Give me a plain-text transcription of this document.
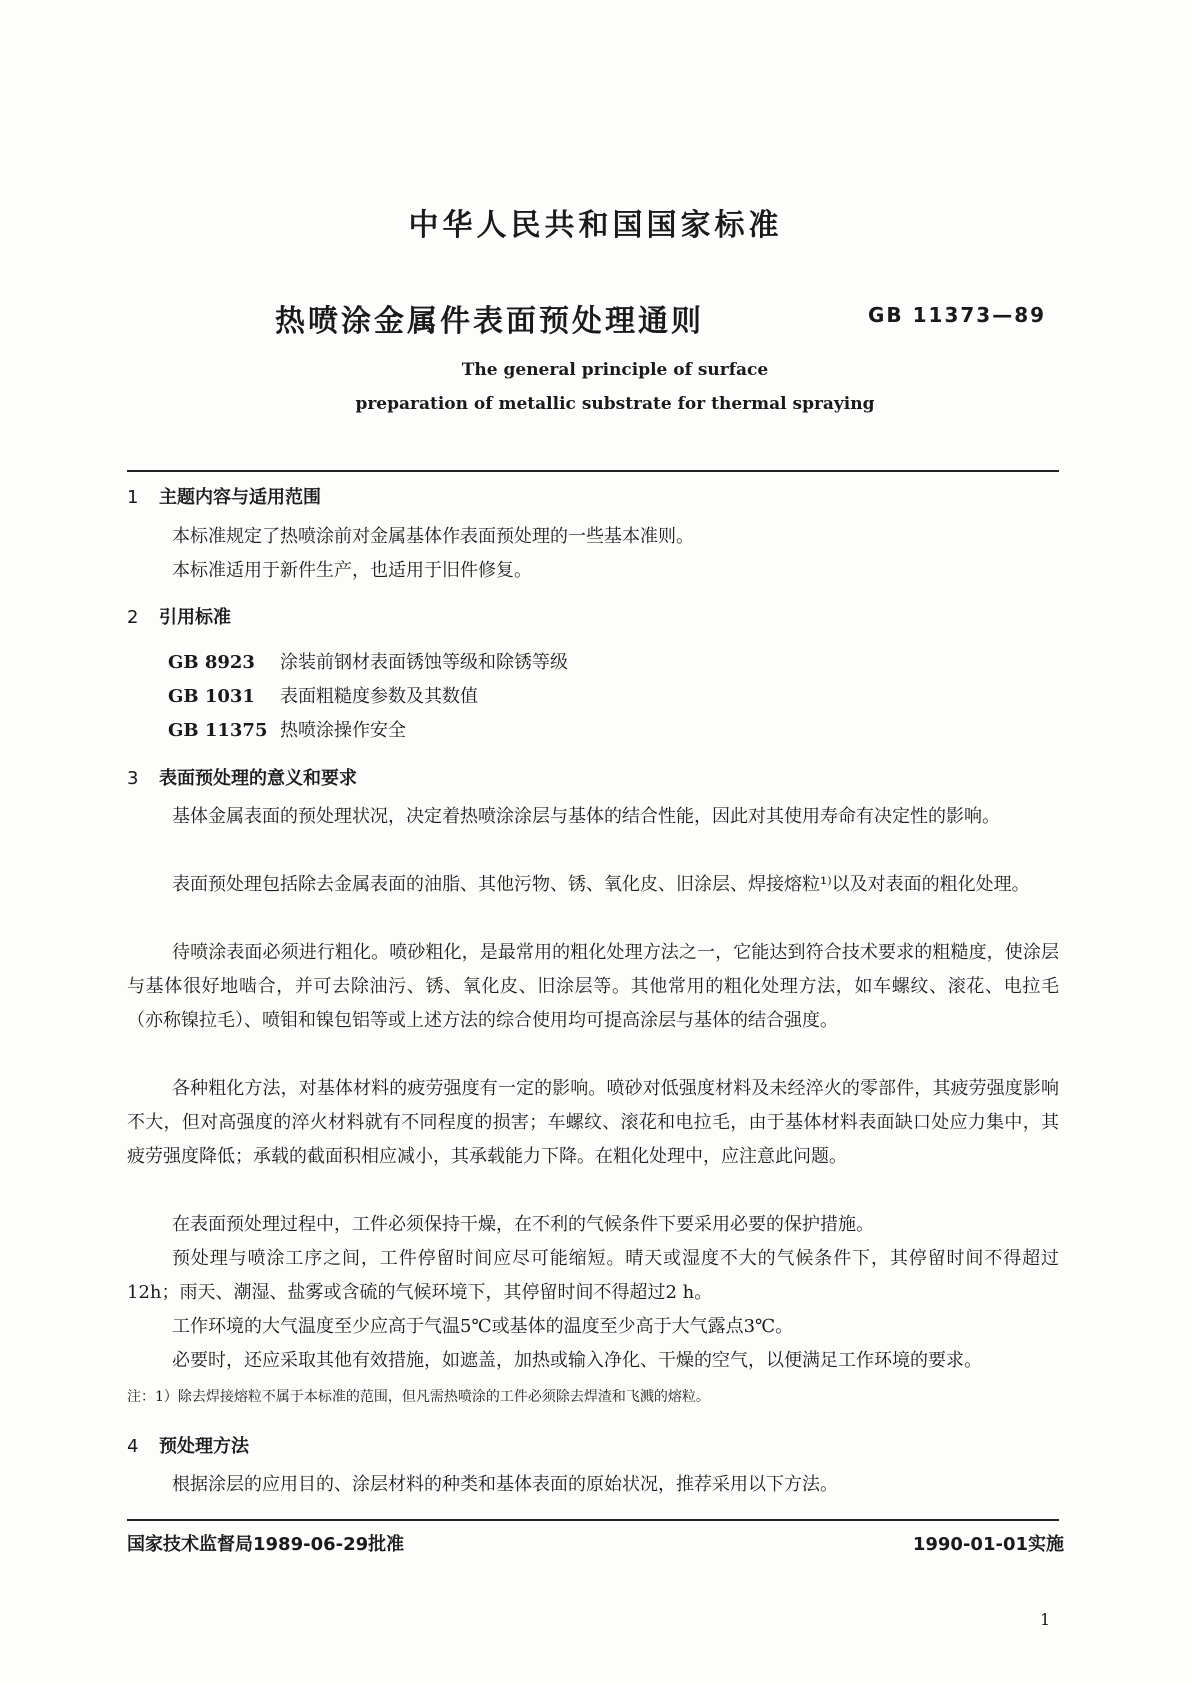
中华人民共和国国家标准
热喷涂金属件表面预处理通则	GB 11373—89
The general principle of surface
preparation of metallic substrate for thermal spraying
1 主题内容与适用范围
本标准规定了热喷涂前对金属基体作表面预处理的一些基本准则。
本标准适用于新件生产，也适用于旧件修复。
2 引用标准
GB 8923 涂装前钢材表面锈蚀等级和除锈等级
GB 1031 表面粗糙度参数及其数值
GB 11375 热喷涂操作安全
3 表面预处理的意义和要求
基体金属表面的预处理状况，决定着热喷涂涂层与基体的结合性能，因此对其使用寿命有决定性的影响。
表面预处理包括除去金属表面的油脂、其他污物、锈、氧化皮、旧涂层、焊接熔粒¹⁾以及对表面的粗化处理。
待喷涂表面必须进行粗化。喷砂粗化，是最常用的粗化处理方法之一，它能达到符合技术要求的粗糙度，使涂层与基体很好地啮合，并可去除油污、锈、氧化皮、旧涂层等。其他常用的粗化处理方法，如车螺纹、滚花、电拉毛（亦称镍拉毛）、喷钼和镍包铝等或上述方法的综合使用均可提高涂层与基体的结合强度。
各种粗化方法，对基体材料的疲劳强度有一定的影响。喷砂对低强度材料及未经淬火的零部件，其疲劳强度影响不大，但对高强度的淬火材料就有不同程度的损害；车螺纹、滚花和电拉毛，由于基体材料表面缺口处应力集中，其疲劳强度降低；承载的截面积相应减小，其承载能力下降。在粗化处理中，应注意此问题。
在表面预处理过程中，工件必须保持干燥，在不利的气候条件下要采用必要的保护措施。
预处理与喷涂工序之间，工件停留时间应尽可能缩短。晴天或湿度不大的气候条件下，其停留时间不得超过12h；雨天、潮湿、盐雾或含硫的气候环境下，其停留时间不得超过2 h。
工作环境的大气温度至少应高于气温5℃或基体的温度至少高于大气露点3℃。
必要时，还应采取其他有效措施，如遮盖，加热或输入净化、干燥的空气，以便满足工作环境的要求。
注：1）除去焊接熔粒不属于本标准的范围，但凡需热喷涂的工件必须除去焊渣和飞溅的熔粒。
4 预处理方法
根据涂层的应用目的、涂层材料的种类和基体表面的原始状况，推荐采用以下方法。
国家技术监督局1989-06-29批准	1990-01-01实施
1
